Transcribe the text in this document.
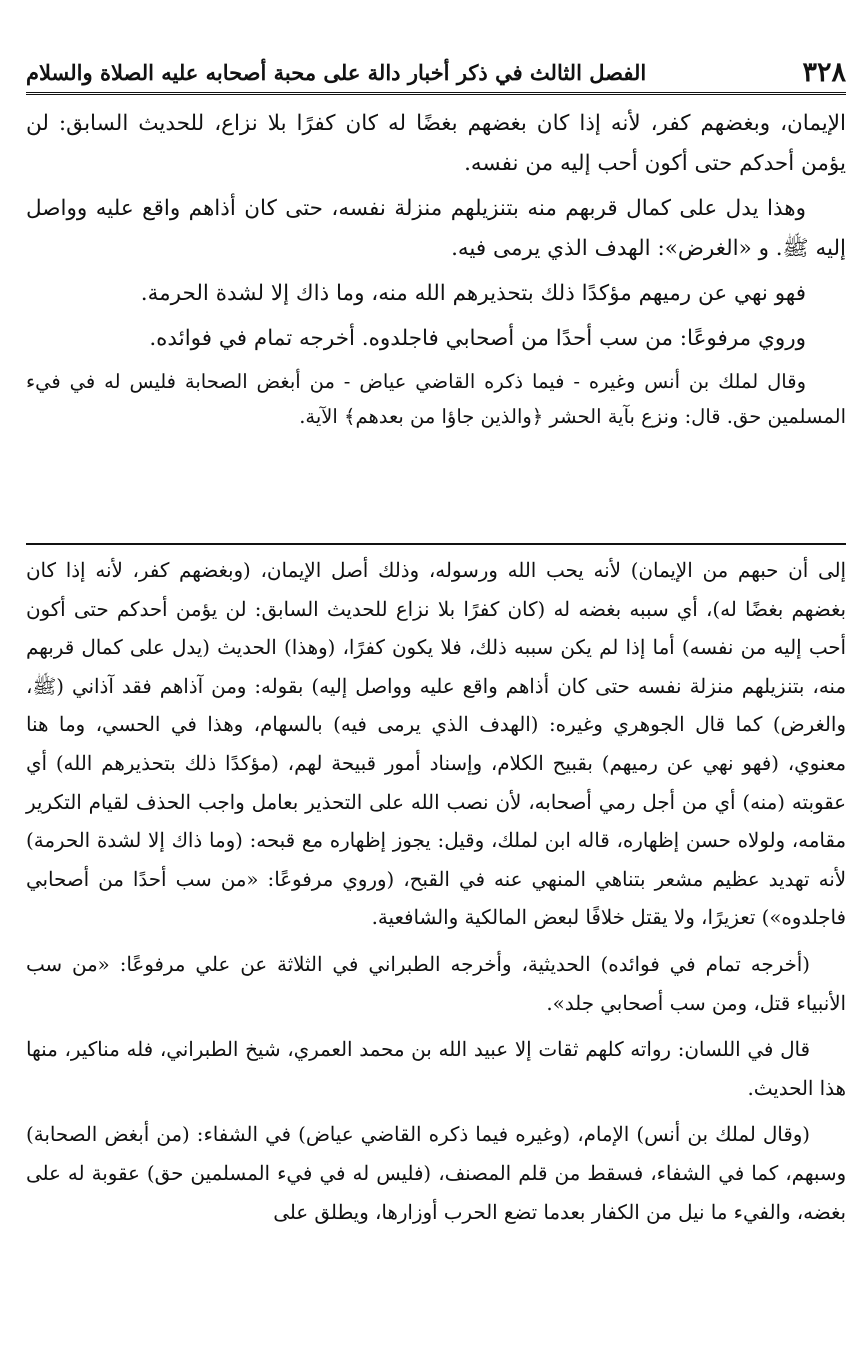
٣٢٨
الفصل الثالث في ذكر أخبار دالة على محبة أصحابه عليه الصلاة والسلام

الإيمان، وبغضهم كفر، لأنه إذا كان بغضهم بغضًا له كان كفرًا بلا نزاع، للحديث السابق: لن يؤمن أحدكم حتى أكون أحب إليه من نفسه.

وهذا يدل على كمال قربهم منه بتنزيلهم منزلة نفسه، حتى كان أذاهم واقع عليه وواصل إليه ﷺ. و «الغرض»: الهدف الذي يرمى فيه.

فهو نهي عن رميهم مؤكدًا ذلك بتحذيرهم الله منه، وما ذاك إلا لشدة الحرمة.

وروي مرفوعًا: من سب أحدًا من أصحابي فاجلدوه. أخرجه تمام في فوائده.

وقال لملك بن أنس وغيره - فيما ذكره القاضي عياض - من أبغض الصحابة فليس له في فيء المسلمين حق. قال: ونزع بآية الحشر ﴿والذين جاؤا من بعدهم﴾ الآية.

إلى أن حبهم من الإيمان) لأنه يحب الله ورسوله، وذلك أصل الإيمان، (وبغضهم كفر، لأنه إذا كان بغضهم بغضًا له)، أي سببه بغضه له (كان كفرًا بلا نزاع للحديث السابق: لن يؤمن أحدكم حتى أكون أحب إليه من نفسه) أما إذا لم يكن سببه ذلك، فلا يكون كفرًا، (وهذا) الحديث (يدل على كمال قربهم منه، بتنزيلهم منزلة نفسه حتى كان أذاهم واقع عليه وواصل إليه) بقوله: ومن آذاهم فقد آذاني (ﷺ، والغرض) كما قال الجوهري وغيره: (الهدف الذي يرمى فيه) بالسهام، وهذا في الحسي، وما هنا معنوي، (فهو نهي عن رميهم) بقبيح الكلام، وإسناد أمور قبيحة لهم، (مؤكدًا ذلك بتحذيرهم الله) أي عقوبته (منه) أي من أجل رمي أصحابه، لأن نصب الله على التحذير بعامل واجب الحذف لقيام التكرير مقامه، ولولاه حسن إظهاره، قاله ابن لملك، وقيل: يجوز إظهاره مع قبحه: (وما ذاك إلا لشدة الحرمة) لأنه تهديد عظيم مشعر بتناهي المنهي عنه في القبح، (وروي مرفوعًا: «من سب أحدًا من أصحابي فاجلدوه») تعزيرًا، ولا يقتل خلافًا لبعض المالكية والشافعية.

(أخرجه تمام في فوائده) الحديثية، وأخرجه الطبراني في الثلاثة عن علي مرفوعًا: «من سب الأنبياء قتل، ومن سب أصحابي جلد».

قال في اللسان: رواته كلهم ثقات إلا عبيد الله بن محمد العمري، شيخ الطبراني، فله مناكير، منها هذا الحديث.

(وقال لملك بن أنس) الإمام، (وغيره فيما ذكره القاضي عياض) في الشفاء: (من أبغض الصحابة) وسبهم، كما في الشفاء، فسقط من قلم المصنف، (فليس له في فيء المسلمين حق) عقوبة له على بغضه، والفيء ما نيل من الكفار بعدما تضع الحرب أوزارها، ويطلق على
